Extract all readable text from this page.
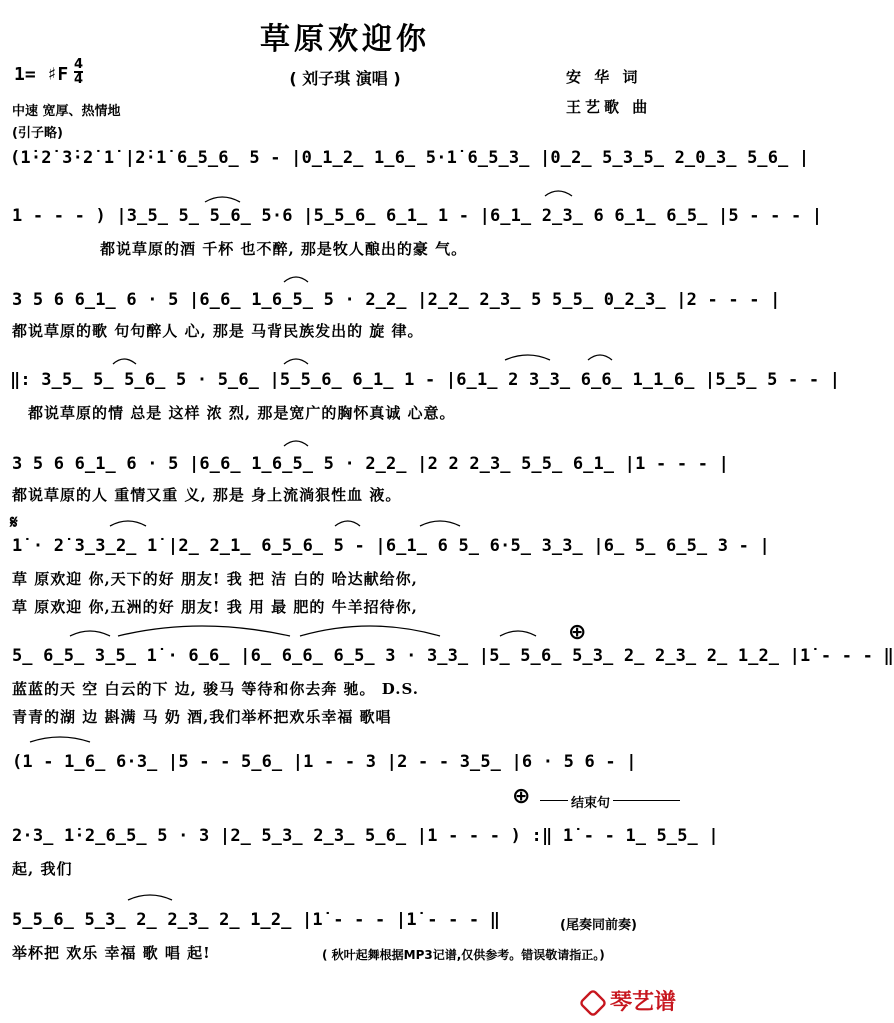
草原欢迎你
( 刘子琪 演唱 )
1= ♯F 4
4
中速 宽厚、热情地
(引子略)
安 华 词
王艺歌 曲
(1̇·2̇ 3̇·2̇ 1̇ |2̇·1̇ 6̲5̲6̲ 5 - |0̲1̲2̲ 1̲6̲ 5·1̇ 6̲5̲3̲ |0̲2̲ 5̲3̲5̲ 2̲0̲3̲ 5̲6̲ |
1 - - - ) |3̲5̲ 5̲ 5̲6̲ 5·6 |5̲5̲6̲ 6̲1̲ 1 - |6̲1̲ 2̲3̲ 6 6̲1̲ 6̲5̲ |5 - - - |
都说草原的酒 千杯 也不醉, 那是牧人酿出的豪 气。
3 5 6 6̲1̲ 6 · 5 |6̲6̲ 1̲6̲5̲ 5 · 2̲2̲ |2̲2̲ 2̲3̲ 5 5̲5̲ 0̲2̲3̲ |2 - - - |
都说草原的歌 句句醉人 心, 那是 马背民族发出的 旋 律。
‖: 3̲5̲ 5̲ 5̲6̲ 5 · 5̲6̲ |5̲5̲6̲ 6̲1̲ 1 - |6̲1̲ 2 3̲3̲ 6̲6̲ 1̲1̲6̲ |5̲5̲ 5 - - |
都说草原的情 总是 这样 浓 烈, 那是宽广的胸怀真诚 心意。
3 5 6 6̲1̲ 6 · 5 |6̲6̲ 1̲6̲5̲ 5 · 2̲2̲ |2 2 2̲3̲ 5̲5̲ 6̲1̲ |1 - - - |
都说草原的人 重情又重 义, 那是 身上流淌狠性血 液。
𝄋
1̇ · 2̇ 3̲3̲2̲ 1̇ |2̲ 2̲1̲ 6̲5̲6̲ 5 - |6̲1̲ 6 5̲ 6·5̲ 3̲3̲ |6̲ 5̲ 6̲5̲ 3 - |
草 原欢迎 你,天下的好 朋友! 我 把 洁 白的 哈达献给你,
草 原欢迎 你,五洲的好 朋友! 我 用 最 肥的 牛羊招待你,
⊕
5̲ 6̲5̲ 3̲5̲ 1̇ · 6̲6̲ |6̲ 6̲6̲ 6̲5̲ 3 · 3̲3̲ |5̲ 5̲6̲ 5̲3̲ 2̲ 2̲3̲ 2̲ 1̲2̲ |1̇ - - - ‖
蓝蓝的天 空 白云的下 边, 骏马 等待和你去奔 驰。 D.S.
青青的湖 边 斟满 马 奶 酒,我们举杯把欢乐幸福 歌唱
(1 - 1̲6̲ 6·3̲ |5 - - 5̲6̲ |1 - - 3 |2 - - 3̲5̲ |6 · 5 6 - |
⊕	结束句
2·3̲ 1̇·2̲6̲5̲ 5 · 3 |2̲ 5̲3̲ 2̲3̲ 5̲6̲ |1 - - - ) :‖ 1̇ - - 1̲ 5̲5̲ |
起, 我们
5̲5̲6̲ 5̲3̲ 2̲ 2̲3̲ 2̲ 1̲2̲ |1̇ - - - |1̇ - - - ‖	(尾奏同前奏)
举杯把 欢乐 幸福 歌 唱 起!	( 秋叶起舞根据MP3记谱,仅供参考。错误敬请指正。)
琴艺谱
